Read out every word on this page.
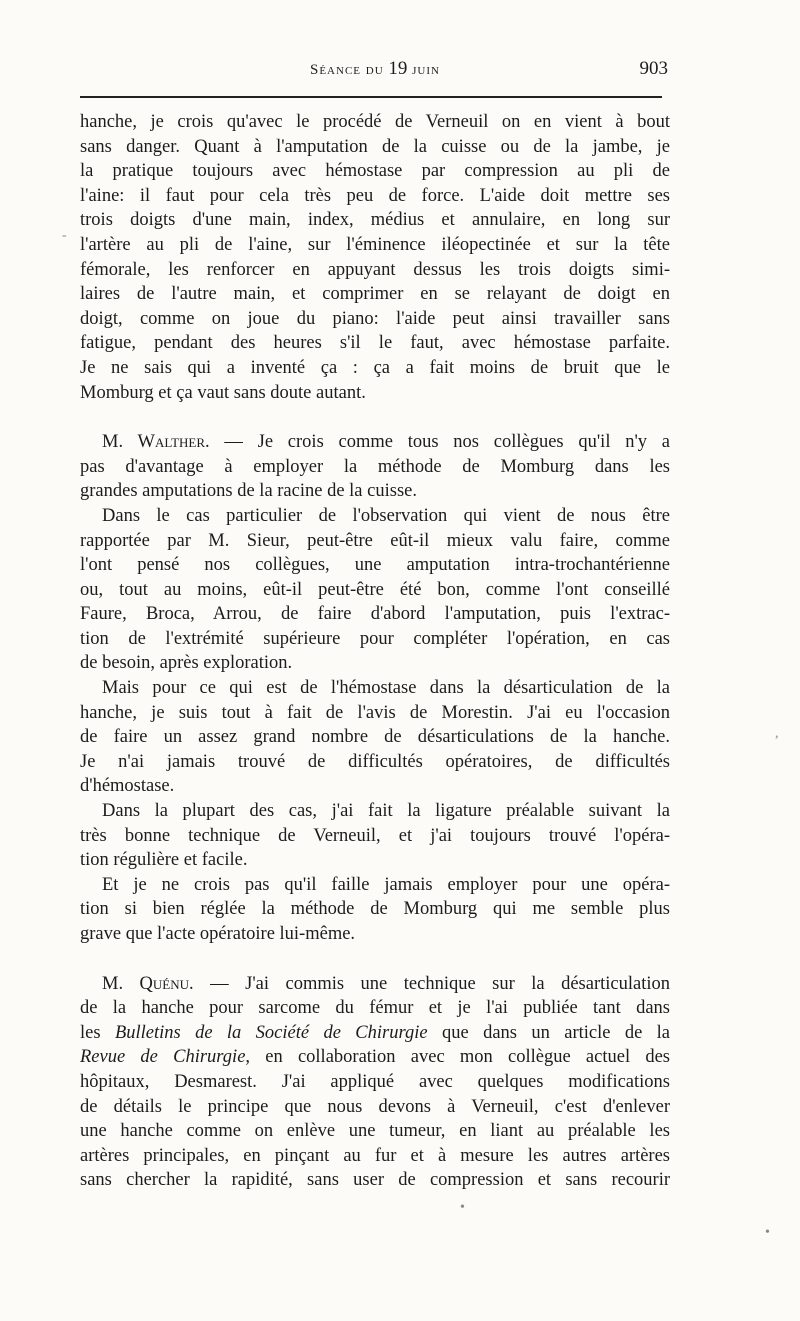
Séance du 19 juin	903
-
,
•
•
hanche, je crois qu'avec le procédé de Verneuil on en vient à bout
sans danger. Quant à l'amputation de la cuisse ou de la jambe, je
la pratique toujours avec hémostase par compression au pli de
l'aine: il faut pour cela très peu de force. L'aide doit mettre ses
trois doigts d'une main, index, médius et annulaire, en long sur
l'artère au pli de l'aine, sur l'éminence iléopectinée et sur la tête
fémorale, les renforcer en appuyant dessus les trois doigts simi-
laires de l'autre main, et comprimer en se relayant de doigt en
doigt, comme on joue du piano: l'aide peut ainsi travailler sans
fatigue, pendant des heures s'il le faut, avec hémostase parfaite.
Je ne sais qui a inventé ça : ça a fait moins de bruit que le
Momburg et ça vaut sans doute autant.
M. Walther. — Je crois comme tous nos collègues qu'il n'y a
pas d'avantage à employer la méthode de Momburg dans les
grandes amputations de la racine de la cuisse.
Dans le cas particulier de l'observation qui vient de nous être
rapportée par M. Sieur, peut-être eût-il mieux valu faire, comme
l'ont pensé nos collègues, une amputation intra-trochantérienne
ou, tout au moins, eût-il peut-être été bon, comme l'ont conseillé
Faure, Broca, Arrou, de faire d'abord l'amputation, puis l'extrac-
tion de l'extrémité supérieure pour compléter l'opération, en cas
de besoin, après exploration.
Mais pour ce qui est de l'hémostase dans la désarticulation de la
hanche, je suis tout à fait de l'avis de Morestin. J'ai eu l'occasion
de faire un assez grand nombre de désarticulations de la hanche.
Je n'ai jamais trouvé de difficultés opératoires, de difficultés
d'hémostase.
Dans la plupart des cas, j'ai fait la ligature préalable suivant la
très bonne technique de Verneuil, et j'ai toujours trouvé l'opéra-
tion régulière et facile.
Et je ne crois pas qu'il faille jamais employer pour une opéra-
tion si bien réglée la méthode de Momburg qui me semble plus
grave que l'acte opératoire lui-même.
M. Quénu. — J'ai commis une technique sur la désarticulation
de la hanche pour sarcome du fémur et je l'ai publiée tant dans
les Bulletins de la Société de Chirurgie que dans un article de la
Revue de Chirurgie, en collaboration avec mon collègue actuel des
hôpitaux, Desmarest. J'ai appliqué avec quelques modifications
de détails le principe que nous devons à Verneuil, c'est d'enlever
une hanche comme on enlève une tumeur, en liant au préalable les
artères principales, en pinçant au fur et à mesure les autres artères
sans chercher la rapidité, sans user de compression et sans recourir
